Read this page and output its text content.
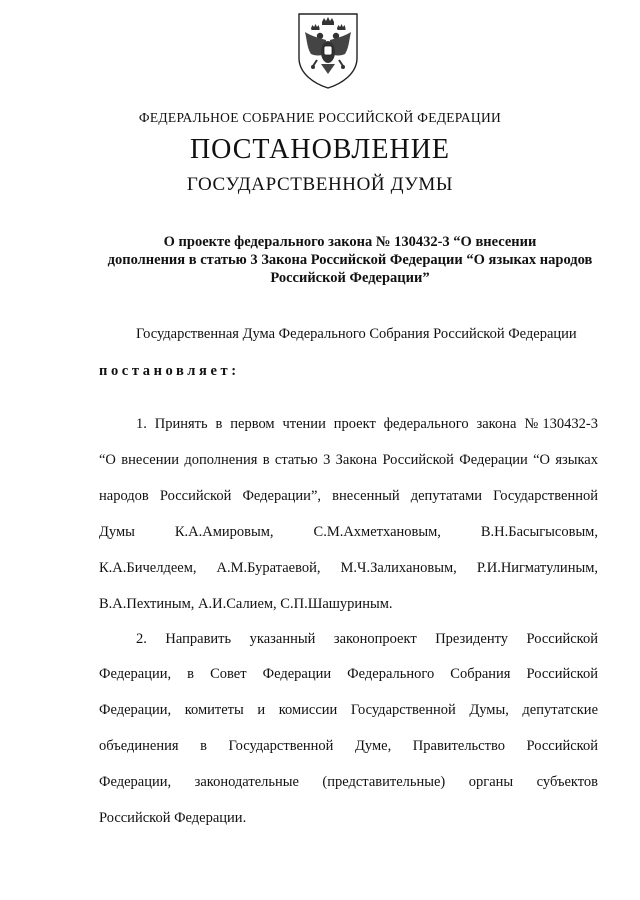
ФЕДЕРАЛЬНОЕ СОБРАНИЕ РОССИЙСКОЙ ФЕДЕРАЦИИ
ПОСТАНОВЛЕНИЕ
ГОСУДАРСТВЕННОЙ ДУМЫ
О проекте федерального закона № 130432-3 “О внесении
дополнения в статью 3 Закона Российской Федерации “О языках народов
Российской Федерации”
Государственная Дума Федерального Собрания Российской Федерации
постановляет:
1. Принять в первом чтении проект федерального закона №130432-3
“О внесении дополнения в статью 3 Закона Российской Федерации “О языках
народов Российской Федерации”, внесенный депутатами Государственной
Думы К.А.Амировым, С.М.Ахметхановым, В.Н.Басыгысовым,
К.А.Бичелдеем, А.М.Буратаевой, М.Ч.Залихановым, Р.И.Нигматулиным,
В.А.Пехтиным, А.И.Салием, С.П.Шашуриным.
2. Направить указанный законопроект Президенту Российской
Федерации, в Совет Федерации Федерального Собрания Российской
Федерации, комитеты и комиссии Государственной Думы, депутатские
объединения в Государственной Думе, Правительство Российской
Федерации, законодательные (представительные) органы субъектов
Российской Федерации.
